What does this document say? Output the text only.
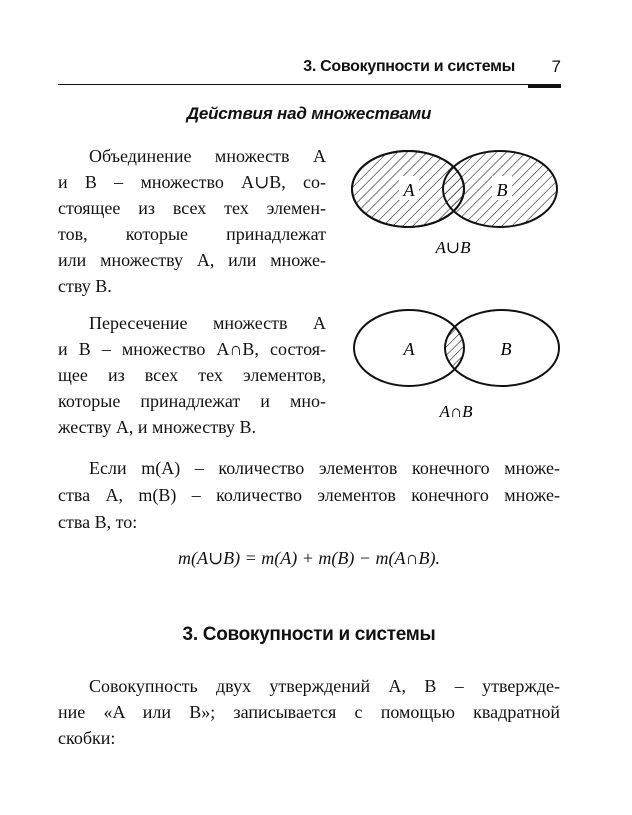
3. Совокупности и системы	7
Действия над множествами
Объединение множеств A
и B – множество A∪B, со-
стоящее из всех тех элемен-
тов, которые принадлежат
или множеству A, или множе-
ству B.
A	B
A∪B
Пересечение множеств A
и B – множество A∩B, состоя-
щее из всех тех элементов,
которые принадлежат и мно-
жеству A, и множеству B.
A	B
A∩B
Если m(A) – количество элементов конечного множе-
ства A, m(B) – количество элементов конечного множе-
ства B, то:
m(A∪B) = m(A) + m(B) − m(A∩B).
3. Совокупности и системы
Совокупность двух утверждений A, B – утвержде-
ние «A или B»; записывается с помощью квадратной
скобки:
